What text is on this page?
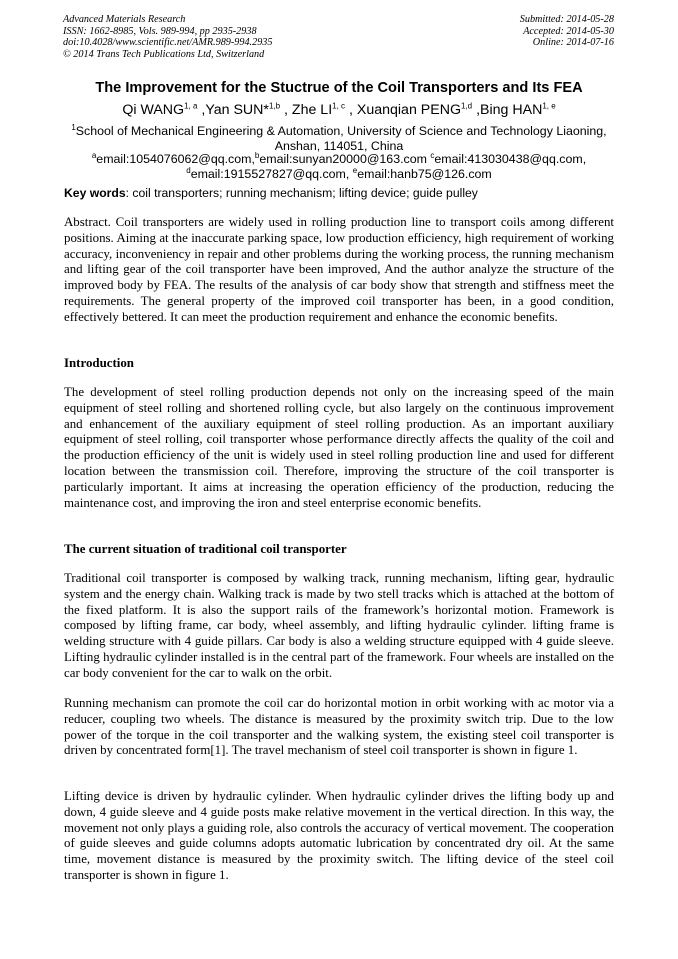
Advanced Materials Research
ISSN: 1662-8985, Vols. 989-994, pp 2935-2938
doi:10.4028/www.scientific.net/AMR.989-994.2935
© 2014 Trans Tech Publications Ltd, Switzerland
Submitted: 2014-05-28
Accepted: 2014-05-30
Online: 2014-07-16
The Improvement for the Stuctrue of the Coil Transporters and Its FEA
Qi WANG$^{1, a}$ ,Yan SUN*$^{1,b}$ , Zhe LI$^{1, c}$ , Xuanqian PENG$^{1,d}$ ,Bing HAN$^{1, e}$
$^1$School of Mechanical Engineering & Automation, University of Science and Technology Liaoning,
Anshan, 114051, China
$^a$email:1054076062@qq.com,$^b$email:sunyan20000@163.com $^c$email:413030438@qq.com,
$^d$email:1915527827@qq.com, $^e$email:hanb75@126.com
Key words: coil transporters; running mechanism; lifting device; guide pulley

Abstract. Coil transporters are widely used in rolling production line to transport coils among different positions. Aiming at the inaccurate parking space, low production efficiency, high requirement of working accuracy, inconveniency in repair and other problems during the working process, the running mechanism and lifting gear of the coil transporter have been improved, And the author analyze the structure of the improved body by FEA. The results of the analysis of car body show that strength and stiffness meet the requirements. The general property of the improved coil transporter has been, in a good condition, effectively bettered. It can meet the production requirement and enhance the economic benefits.

Introduction

The development of steel rolling production depends not only on the increasing speed of the main equipment of steel rolling and shortened rolling cycle, but also largely on the continuous improvement and enhancement of the auxiliary equipment of steel rolling production. As an important auxiliary equipment of steel rolling, coil transporter whose performance directly affects the quality of the coil and the production efficiency of the unit is widely used in steel rolling production line and used for different location between the transmission coil. Therefore, improving the structure of the coil transporter is particularly important. It aims at increasing the operation efficiency of the production, reducing the maintenance cost, and improving the iron and steel enterprise economic benefits.

The current situation of traditional coil transporter

Traditional coil transporter is composed by walking track, running mechanism, lifting gear, hydraulic system and the energy chain. Walking track is made by two stell tracks which is attached at the bottom of the fixed platform. It is also the support rails of the framework’s horizontal motion. Framework is composed by lifting frame, car body, wheel assembly, and lifting hydraulic cylinder. lifting frame is welding structure with 4 guide pillars. Car body is also a welding structure equipped with 4 guide sleeve. Lifting hydraulic cylinder installed is in the central part of the framework. Four wheels are installed on the car body convenient for the car to walk on the orbit.

Running mechanism can promote the coil car do horizontal motion in orbit working with ac motor via a reducer, coupling two wheels. The distance is measured by the proximity switch trip. Due to the low power of the torque in the coil transporter and the walking system, the existing steel coil transporter is driven by concentrated form[1]. The travel mechanism of steel coil transporter is shown in figure 1.

Lifting device is driven by hydraulic cylinder. When hydraulic cylinder drives the lifting body up and down, 4 guide sleeve and 4 guide posts make relative movement in the vertical direction. In this way, the movement not only plays a guiding role, also controls the accuracy of vertical movement. The cooperation of guide sleeves and guide columns adopts automatic lubrication by concentrated dry oil. At the same time, movement distance is measured by the proximity switch. The lifting device of the steel coil transporter is shown in figure 1.
